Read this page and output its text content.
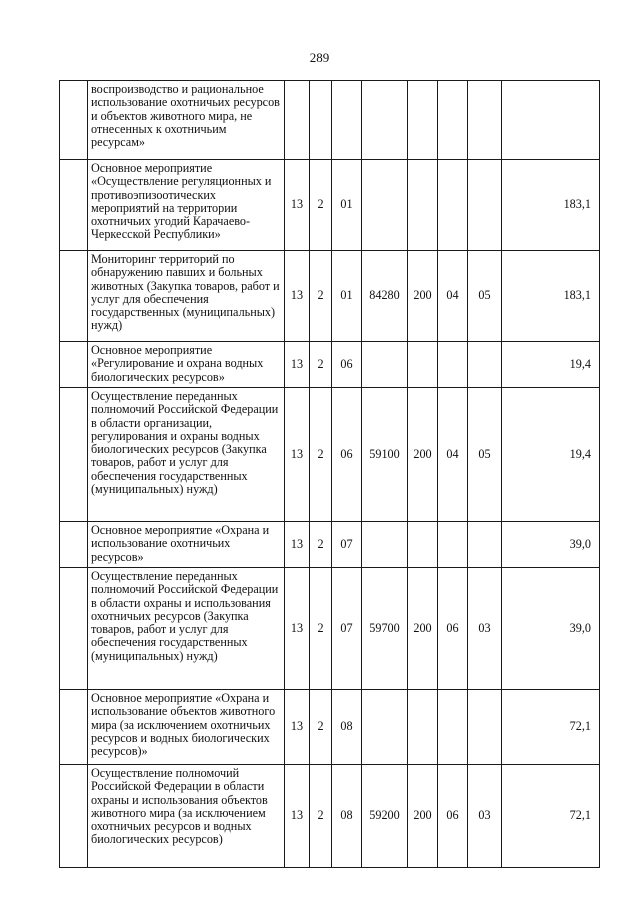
289
	воспроизводство и рациональное использование охотничьих ресурсов и объектов животного мира, не отнесенных к охотничьим ресурсам»								
	Основное мероприятие «Осуществление регуляционных и противоэпизоотических мероприятий на территории охотничьих угодий Карачаево-Черкесской Республики»	13	2	01					183,1
	Мониторинг территорий по обнаружению павших и больных животных (Закупка товаров, работ и услуг для обеспечения государственных (муниципальных) нужд)	13	2	01	84280	200	04	05	183,1
	Основное мероприятие «Регулирование и охрана водных биологических ресурсов»	13	2	06					19,4
	Осуществление переданных полномочий Российской Федерации в области организации, регулирования и охраны водных биологических ресурсов (Закупка товаров, работ и услуг для обеспечения государственных (муниципальных) нужд)	13	2	06	59100	200	04	05	19,4
	Основное мероприятие «Охрана и использование охотничьих ресурсов»	13	2	07					39,0
	Осуществление переданных полномочий Российской Федерации в области охраны и использования охотничьих ресурсов (Закупка товаров, работ и услуг для обеспечения государственных (муниципальных) нужд)	13	2	07	59700	200	06	03	39,0
	Основное мероприятие «Охрана и использование объектов животного мира (за исключением охотничьих ресурсов и водных биологических ресурсов)»	13	2	08					72,1
	Осуществление полномочий Российской Федерации в области охраны и использования объектов животного мира (за исключением охотничьих ресурсов и водных биологических ресурсов)	13	2	08	59200	200	06	03	72,1
